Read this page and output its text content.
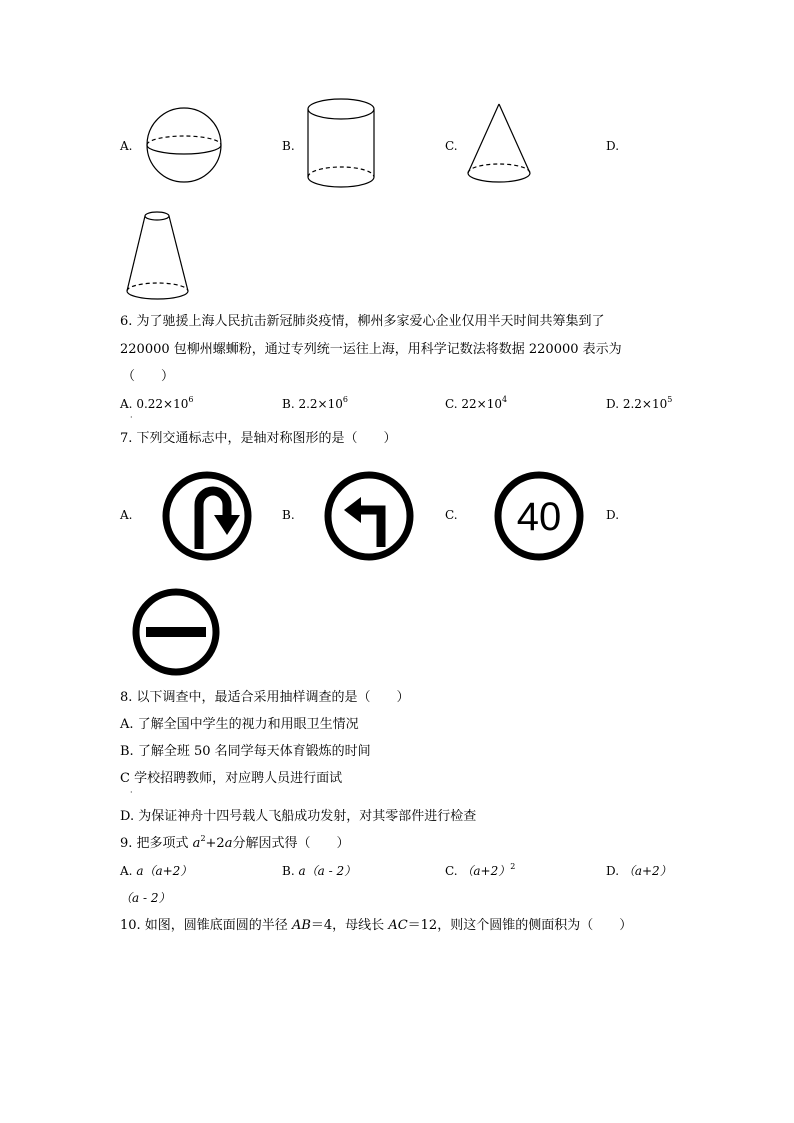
A.	B.	C.	D.
6. 为了驰援上海人民抗击新冠肺炎疫情，柳州多家爱心企业仅用半天时间共筹集到了
220000 包柳州螺蛳粉，通过专列统一运往上海，用科学记数法将数据 220000 表示为
（　　）
A. $0.22\times 10^6$	B. $2.2\times 10^6$	C. $22\times 10^4$	D. $2.2\times 10^5$
·
7. 下列交通标志中，是轴对称图形的是（　　）
A.	B.	C. 40	D.
8. 以下调查中，最适合采用抽样调查的是（　　）
A. 了解全国中学生的视力和用眼卫生情况
B. 了解全班 50 名同学每天体育锻炼的时间
C 学校招聘教师，对应聘人员进行面试
·
D. 为保证神舟十四号载人飞船成功发射，对其零部件进行检查
9. 把多项式 $a^2+2a$分解因式得（　　）
A. a（a+2）	B. a（a - 2）	C. $(a+2)^2$	D. （a+2）
（a - 2）
10. 如图，圆锥底面圆的半径 AB＝4，母线长 AC＝12，则这个圆锥的侧面积为（　　）
